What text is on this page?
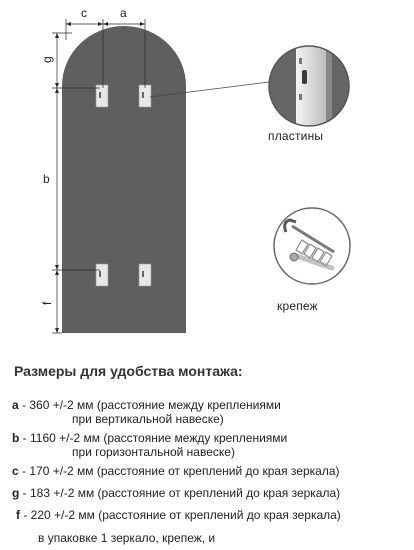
c	a
g
b
f
пластины
крепеж
Размеры для удобства монтажа:
a - 360 +/-2 мм (расстояние между креплениями
при вертикальной навеске)
b - 1160 +/-2 мм (расстояние между креплениями
при горизонтальной навеске)
c - 170 +/-2 мм (расстояние от креплений до края зеркала)
g - 183 +/-2 мм (расстояние от креплений до края зеркала)
f - 220 +/-2 мм (расстояние от креплений до края зеркала)
в упаковке 1 зеркало, крепеж, и
